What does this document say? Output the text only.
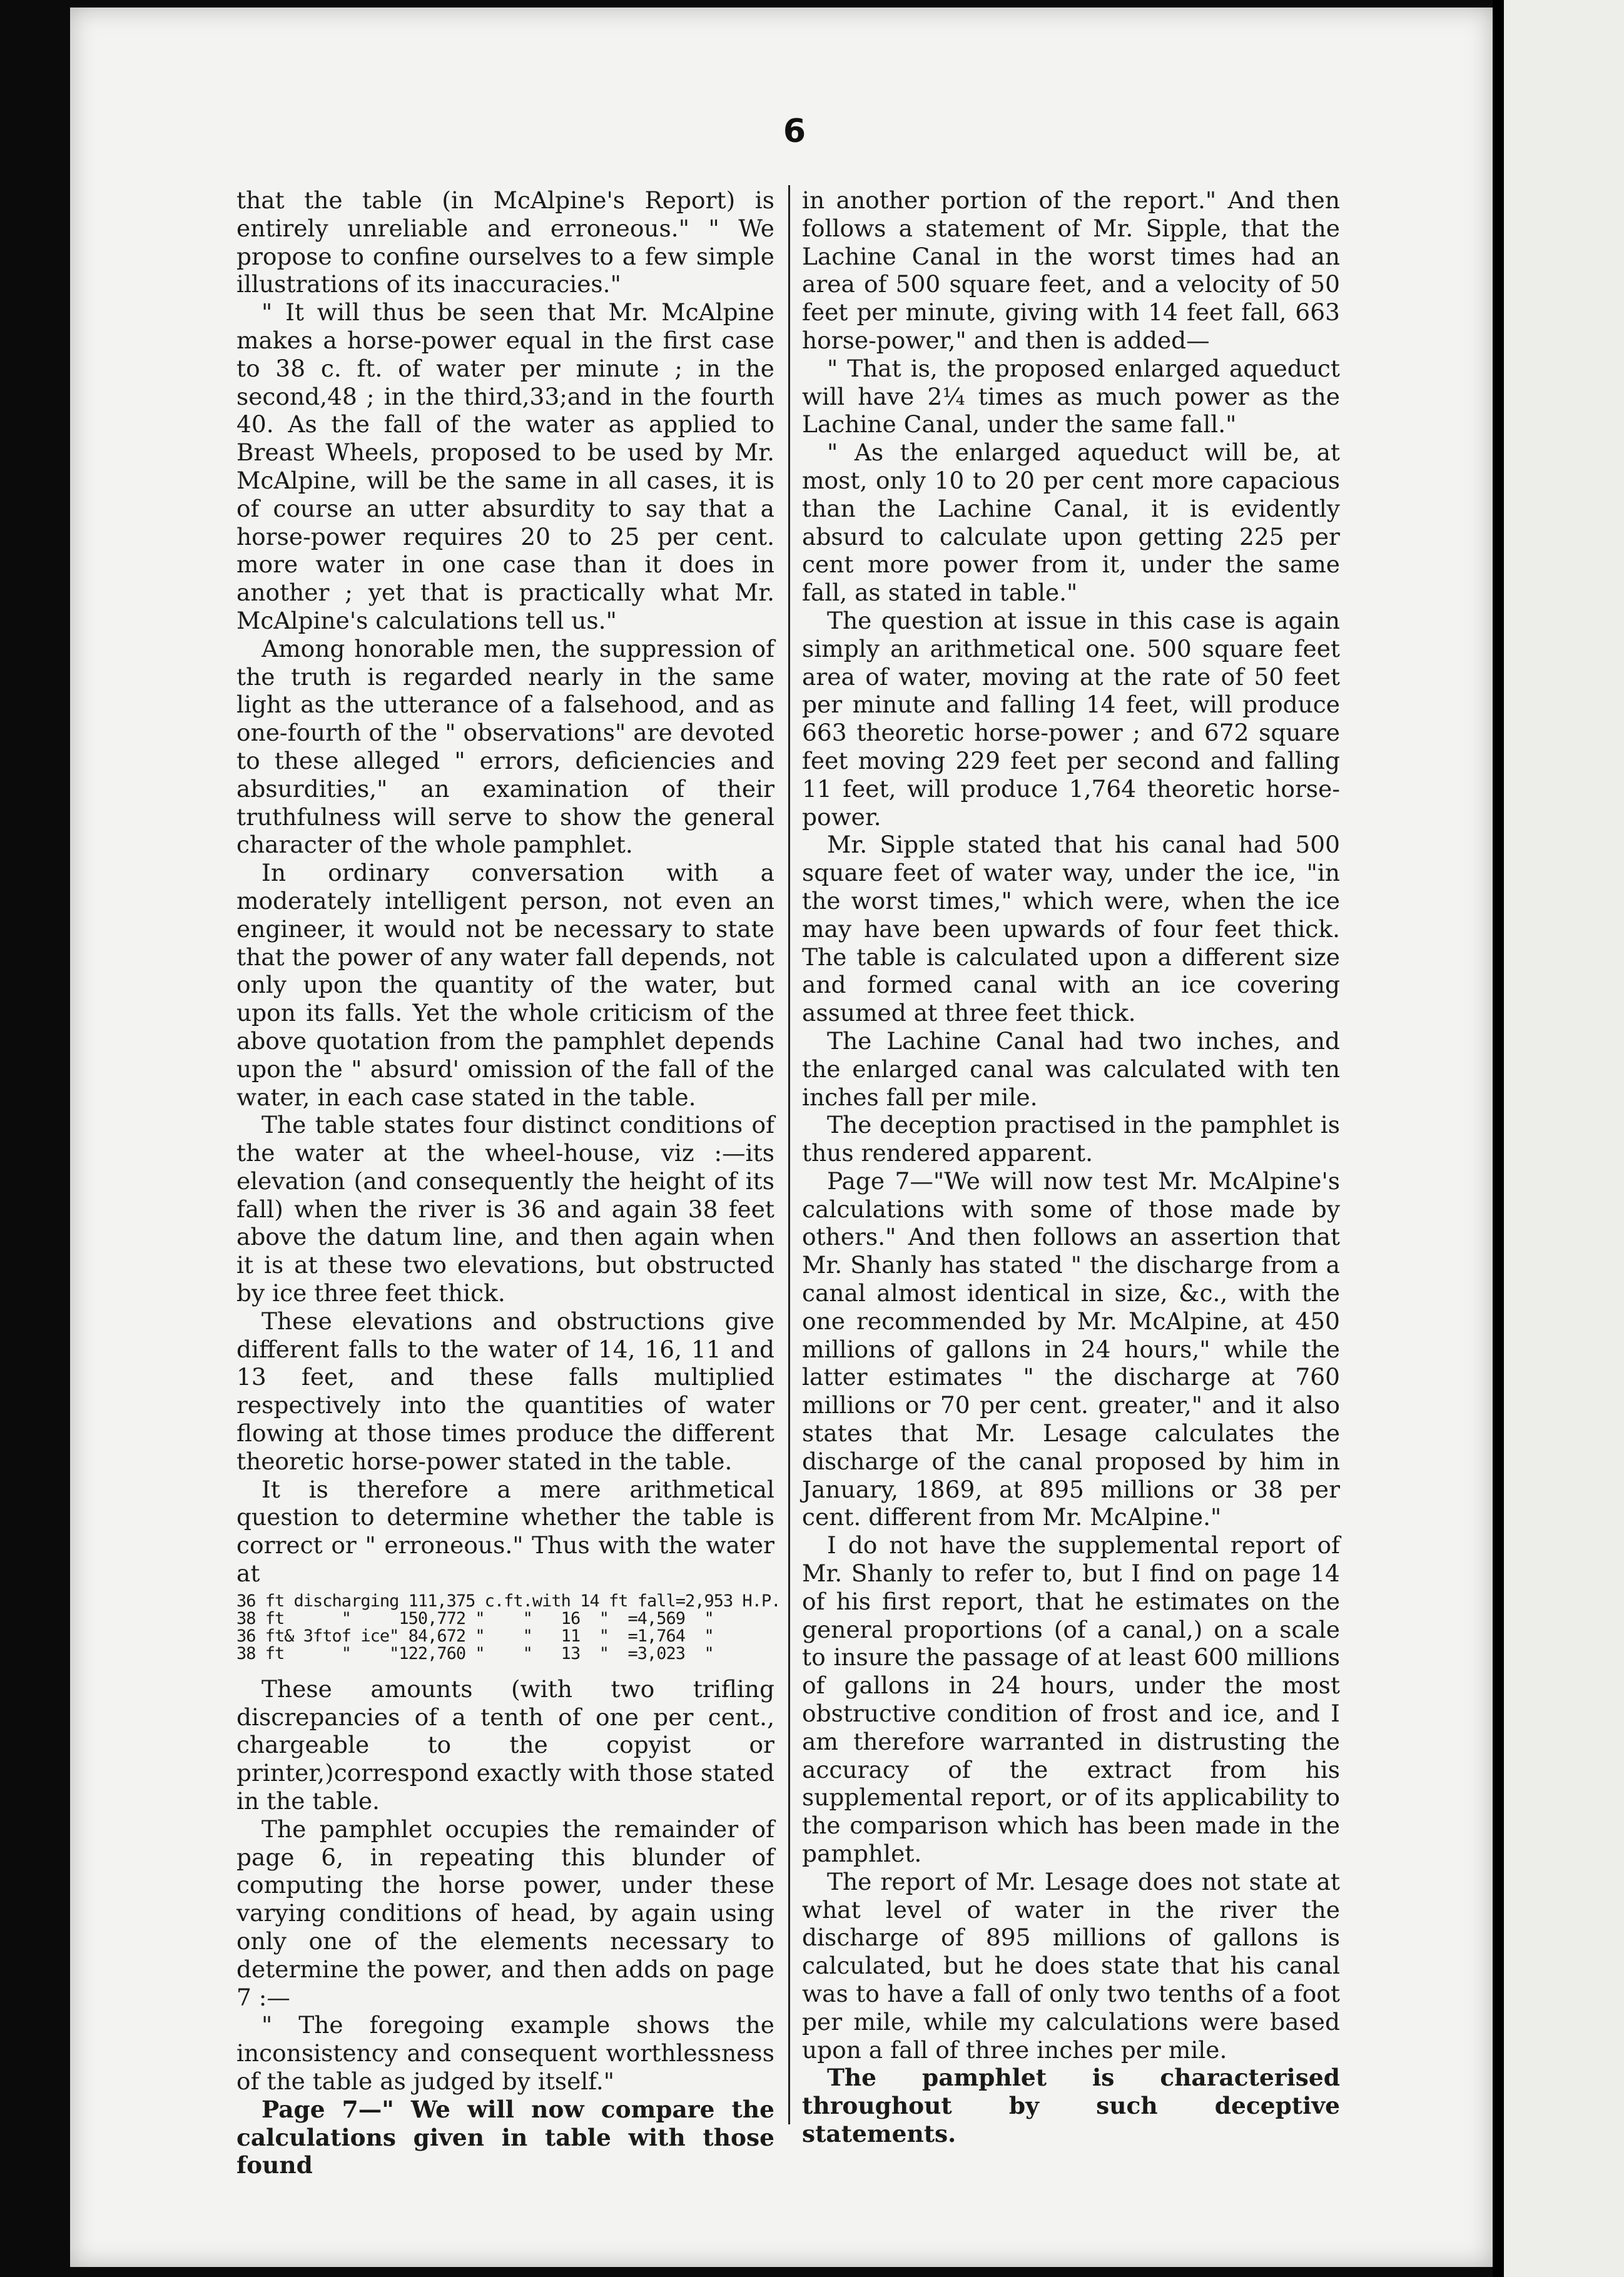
6

that the table (in McAlpine's Report) is entirely unreliable and erroneous." " We propose to confine ourselves to a few simple illustrations of its inaccuracies."

" It will thus be seen that Mr. McAlpine makes a horse-power equal in the first case to 38 c. ft. of water per minute ; in the second,48 ; in the third,33;and in the fourth 40. As the fall of the water as applied to Breast Wheels, proposed to be used by Mr. McAlpine, will be the same in all cases, it is of course an utter absurdity to say that a horse-power requires 20 to 25 per cent. more water in one case than it does in another ; yet that is practically what Mr. McAlpine's calculations tell us."

Among honorable men, the suppression of the truth is regarded nearly in the same light as the utterance of a falsehood, and as one-fourth of the " observations" are devoted to these alleged " errors, deficiencies and absurdities," an examination of their truthfulness will serve to show the general character of the whole pamphlet.

In ordinary conversation with a moderately intelligent person, not even an engineer, it would not be necessary to state that the power of any water fall depends, not only upon the quantity of the water, but upon its falls. Yet the whole criticism of the above quotation from the pamphlet depends upon the " absurd' omission of the fall of the water, in each case stated in the table.

The table states four distinct conditions of the water at the wheel-house, viz :—its elevation (and consequently the height of its fall) when the river is 36 and again 38 feet above the datum line, and then again when it is at these two elevations, but obstructed by ice three feet thick.

These elevations and obstructions give different falls to the water of 14, 16, 11 and 13 feet, and these falls multiplied respectively into the quantities of water flowing at those times produce the different theoretic horse-power stated in the table.

It is therefore a mere arithmetical question to determine whether the table is correct or " erroneous." Thus with the water at

36 ft discharging 111,375 c.ft.with 14 ft fall=2,953 H.P.
38 ft      "     150,772 "    "   16  "  =4,569  "
36 ft& 3ftof ice" 84,672 "    "   11  "  =1,764  "
38 ft      "    "122,760 "    "   13  "  =3,023  "

These amounts (with two trifling discrepancies of a tenth of one per cent., chargeable to the copyist or printer,)correspond exactly with those stated in the table.

The pamphlet occupies the remainder of page 6, in repeating this blunder of computing the horse power, under these varying conditions of head, by again using only one of the elements necessary to determine the power, and then adds on page 7 :—

" The foregoing example shows the inconsistency and consequent worthlessness of the table as judged by itself."

Page 7—" We will now compare the calculations given in table with those found

in another portion of the report." And then follows a statement of Mr. Sipple, that the Lachine Canal in the worst times had an area of 500 square feet, and a velocity of 50 feet per minute, giving with 14 feet fall, 663 horse-power," and then is added—

" That is, the proposed enlarged aqueduct will have 2¼ times as much power as the Lachine Canal, under the same fall."

" As the enlarged aqueduct will be, at most, only 10 to 20 per cent more capacious than the Lachine Canal, it is evidently absurd to calculate upon getting 225 per cent more power from it, under the same fall, as stated in table."

The question at issue in this case is again simply an arithmetical one. 500 square feet area of water, moving at the rate of 50 feet per minute and falling 14 feet, will produce 663 theoretic horse-power ; and 672 square feet moving 229 feet per second and falling 11 feet, will produce 1,764 theoretic horse-power.

Mr. Sipple stated that his canal had 500 square feet of water way, under the ice, "in the worst times," which were, when the ice may have been upwards of four feet thick. The table is calculated upon a different size and formed canal with an ice covering assumed at three feet thick.

The Lachine Canal had two inches, and the enlarged canal was calculated with ten inches fall per mile.

The deception practised in the pamphlet is thus rendered apparent.

Page 7—"We will now test Mr. McAlpine's calculations with some of those made by others." And then follows an assertion that Mr. Shanly has stated " the discharge from a canal almost identical in size, &c., with the one recommended by Mr. McAlpine, at 450 millions of gallons in 24 hours," while the latter estimates " the discharge at 760 millions or 70 per cent. greater," and it also states that Mr. Lesage calculates the discharge of the canal proposed by him in January, 1869, at 895 millions or 38 per cent. different from Mr. McAlpine."

I do not have the supplemental report of Mr. Shanly to refer to, but I find on page 14 of his first report, that he estimates on the general proportions (of a canal,) on a scale to insure the passage of at least 600 millions of gallons in 24 hours, under the most obstructive condition of frost and ice, and I am therefore warranted in distrusting the accuracy of the extract from his supplemental report, or of its applicability to the comparison which has been made in the pamphlet.

The report of Mr. Lesage does not state at what level of water in the river the discharge of 895 millions of gallons is calculated, but he does state that his canal was to have a fall of only two tenths of a foot per mile, while my calculations were based upon a fall of three inches per mile.

The pamphlet is characterised throughout by such deceptive statements.
